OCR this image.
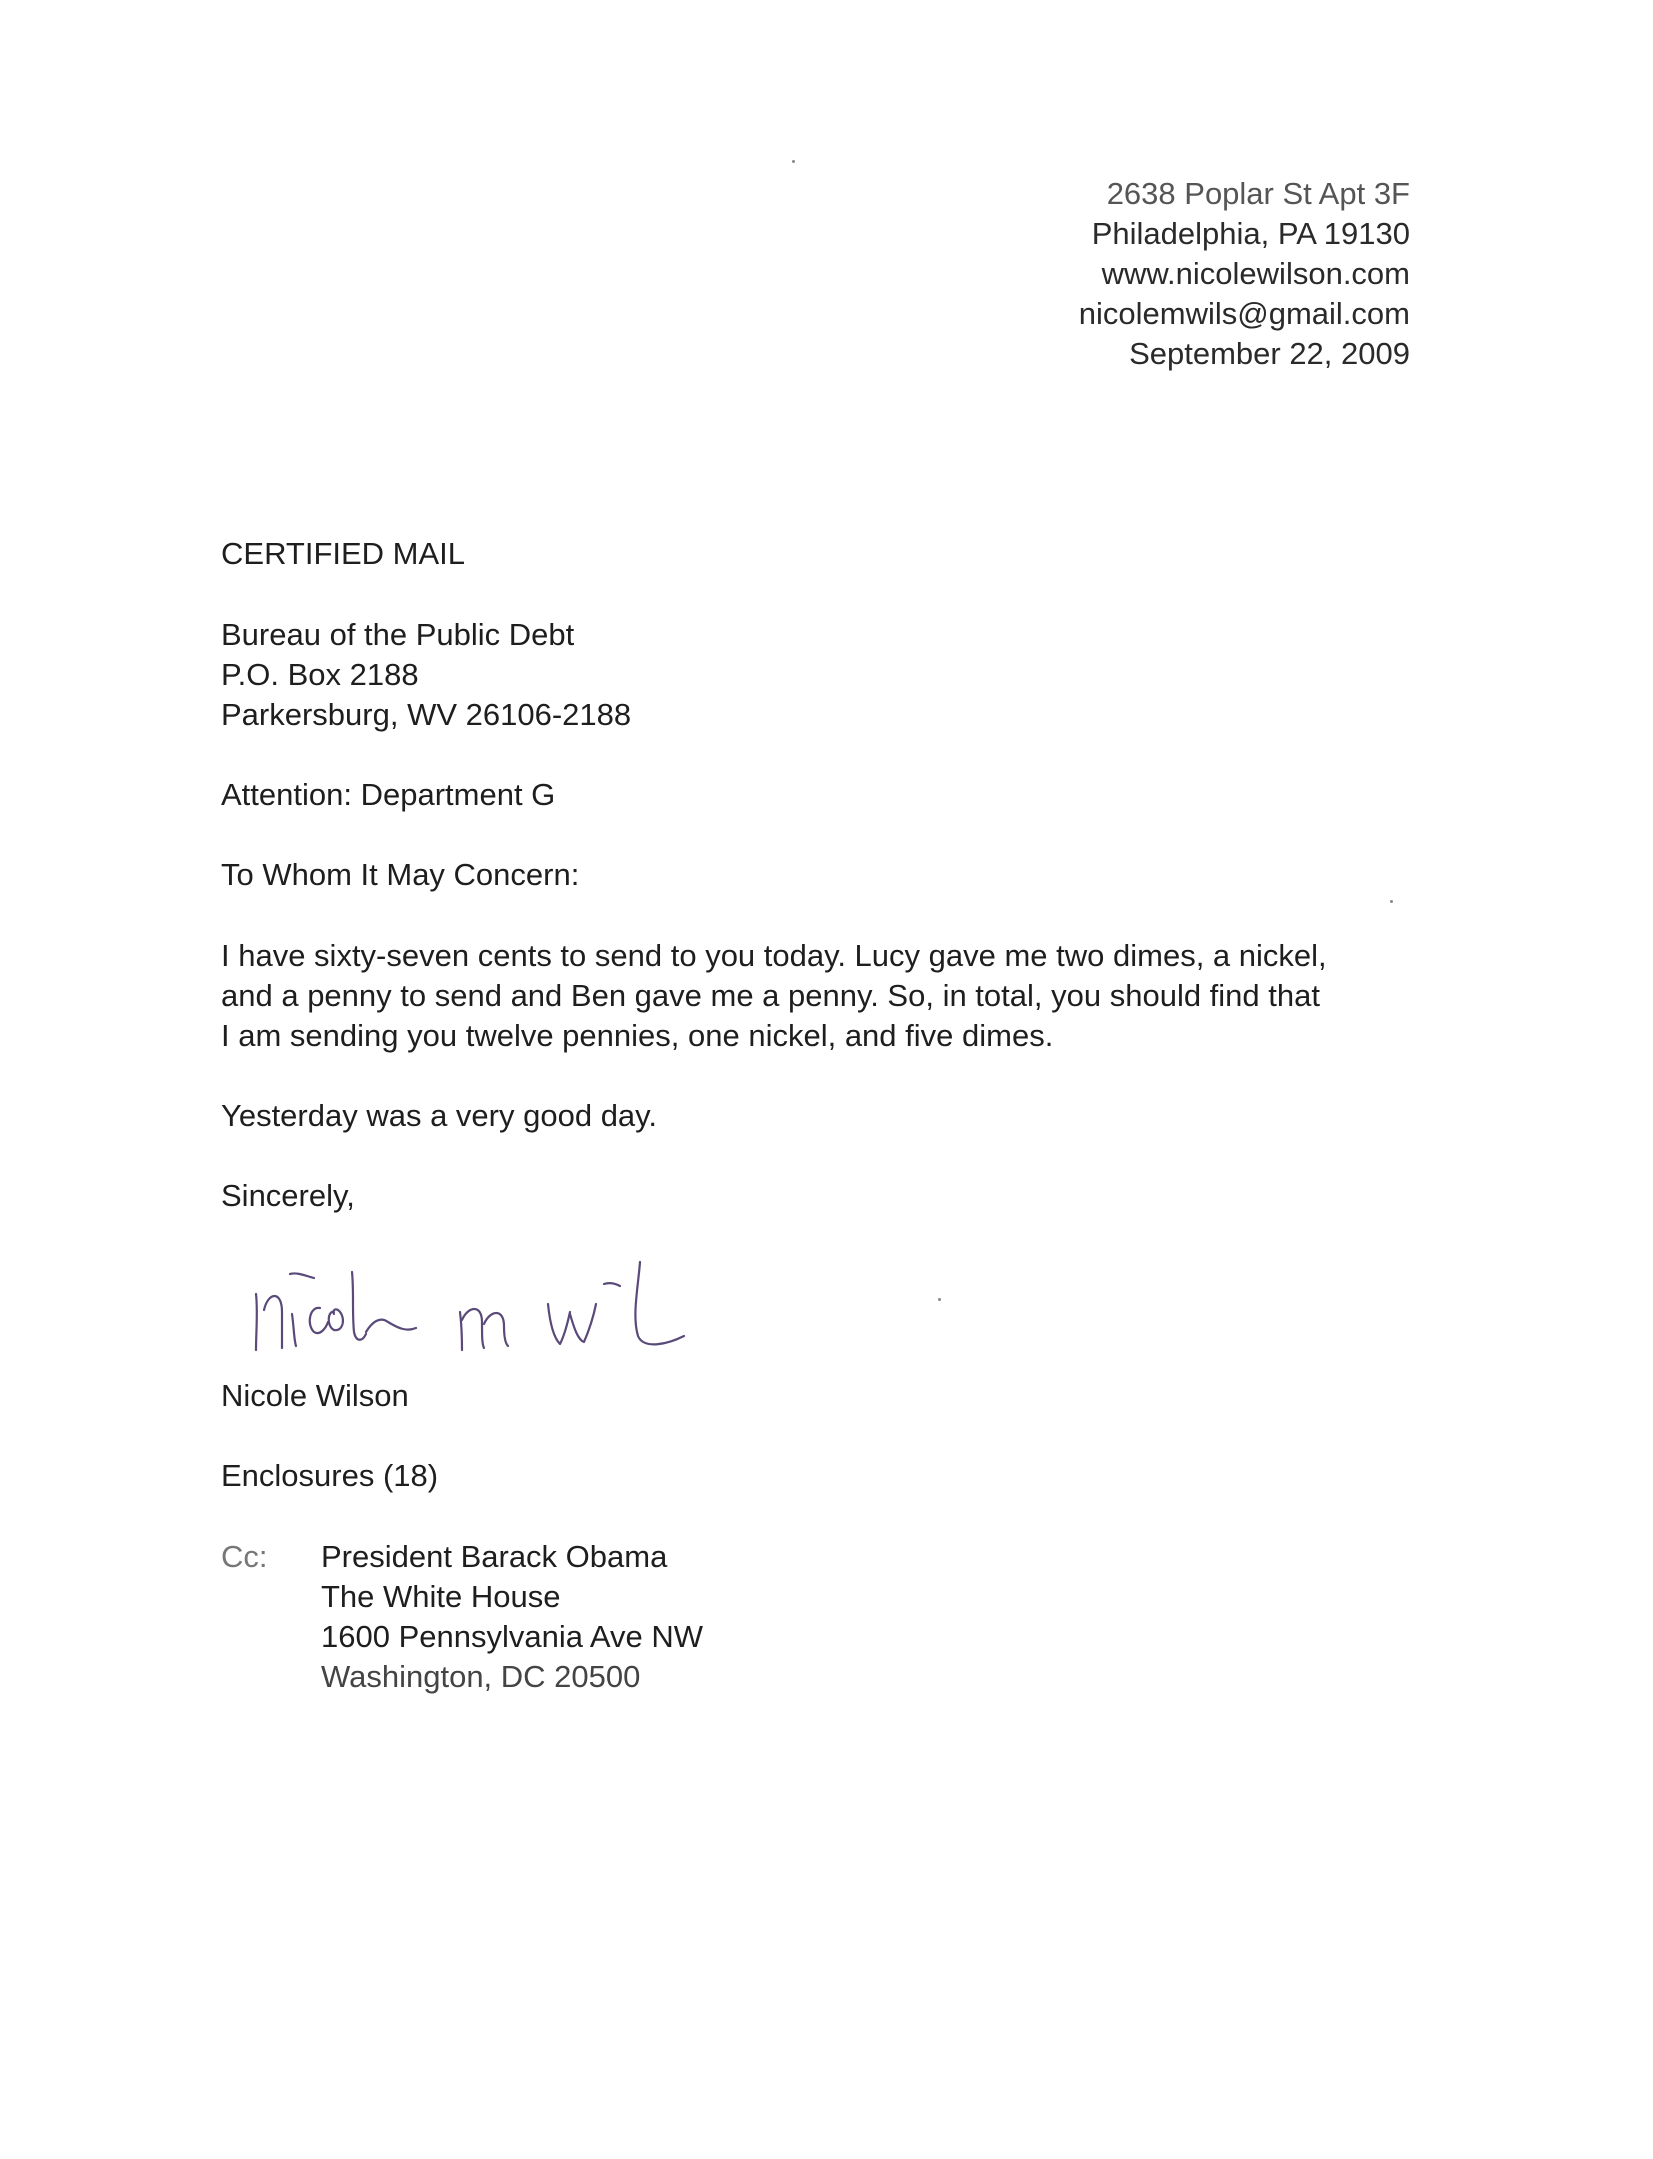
2638 Poplar St Apt 3F
Philadelphia, PA 19130
www.nicolewilson.com
nicolemwils@gmail.com
September 22, 2009
CERTIFIED MAIL
Bureau of the Public Debt
P.O. Box 2188
Parkersburg, WV 26106-2188
Attention: Department G
To Whom It May Concern:
I have sixty-seven cents to send to you today. Lucy gave me two dimes, a nickel,
and a penny to send and Ben gave me a penny. So, in total, you should find that
I am sending you twelve pennies, one nickel, and five dimes.
Yesterday was a very good day.
Sincerely,
Nicole Wilson
Enclosures (18)
Cc: President Barack Obama
The White House
1600 Pennsylvania Ave NW
Washington, DC 20500
